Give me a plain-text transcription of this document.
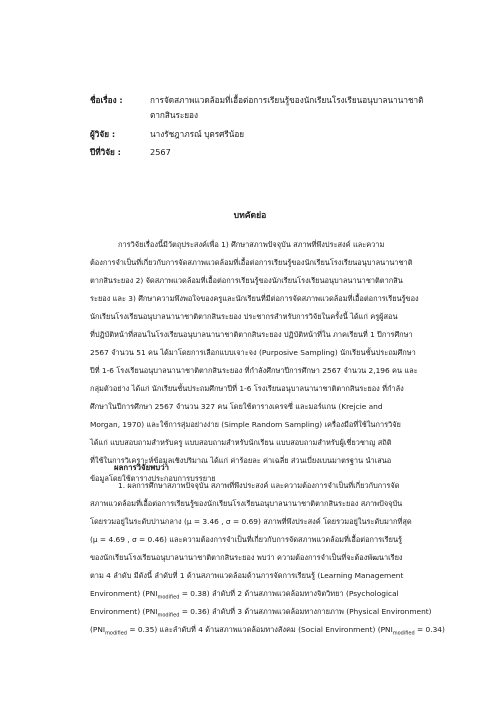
ชื่อเรื่อง :	การจัดสภาพแวดล้อมที่เอื้อต่อการเรียนรู้ของนักเรียนโรงเรียนอนุบาลนานาชาติ
ตากสินระยอง
ผู้วิจัย :	นางรัชฎาภรณ์ บุตรศรีน้อย
ปีที่วิจัย :	2567
บทคัดย่อ
การวิจัยเรื่องนี้มีวัตถุประสงค์เพื่อ 1) ศึกษาสภาพปัจจุบัน สภาพที่พึงประสงค์ และความ
ต้องการจำเป็นที่เกี่ยวกับการจัดสภาพแวดล้อมที่เอื้อต่อการเรียนรู้ของนักเรียนโรงเรียนอนุบาลนานาชาติ
ตากสินระยอง 2) จัดสภาพแวดล้อมที่เอื้อต่อการเรียนรู้ของนักเรียนโรงเรียนอนุบาลนานาชาติตากสิน
ระยอง และ 3) ศึกษาความพึงพอใจของครูและนักเรียนที่มีต่อการจัดสภาพแวดล้อมที่เอื้อต่อการเรียนรู้ของ
นักเรียนโรงเรียนอนุบาลนานาชาติตากสินระยอง ประชากรสำหรับการวิจัยในครั้งนี้ ได้แก่ ครูผู้สอน
ที่ปฏิบัติหน้าที่สอนในโรงเรียนอนุบาลนานาชาติตากสินระยอง ปฏิบัติหน้าที่ใน ภาคเรียนที่ 1 ปีการศึกษา
2567 จำนวน 51 คน ได้มาโดยการเลือกแบบเจาะจง (Purposive Sampling) นักเรียนชั้นประถมศึกษา
ปีที่ 1-6 โรงเรียนอนุบาลนานาชาติตากสินระยอง ที่กำลังศึกษาปีการศึกษา 2567 จำนวน 2,196 คน และ
กลุ่มตัวอย่าง ได้แก่ นักเรียนชั้นประถมศึกษาปีที่ 1-6 โรงเรียนอนุบาลนานาชาติตากสินระยอง ที่กำลัง
ศึกษาในปีการศึกษา 2567 จำนวน 327 คน โดยใช้ตารางเครจซี่ และมอร์แกน (Krejcie and
Morgan, 1970) และใช้การสุ่มอย่างง่าย (Simple Random Sampling) เครื่องมือที่ใช้ในการวิจัย
ได้แก่ แบบสอบถามสำหรับครู แบบสอบถามสำหรับนักเรียน แบบสอบถามสำหรับผู้เชี่ยวชาญ สถิติ
ที่ใช้ในการวิเคราะห์ข้อมูลเชิงปริมาณ ได้แก่ ค่าร้อยละ ค่าเฉลี่ย ส่วนเบี่ยงเบนมาตรฐาน นำเสนอ
ข้อมูลโดยใช้ตารางประกอบการบรรยาย
ผลการวิจัยพบว่า
1. ผลการศึกษาสภาพปัจจุบัน สภาพที่พึงประสงค์ และความต้องการจำเป็นที่เกี่ยวกับการจัด
สภาพแวดล้อมที่เอื้อต่อการเรียนรู้ของนักเรียนโรงเรียนอนุบาลนานาชาติตากสินระยอง สภาพปัจจุบัน
โดยรวมอยู่ในระดับปานกลาง (μ = 3.46 , σ = 0.69) สภาพที่พึงประสงค์ โดยรวมอยู่ในระดับมากที่สุด
(μ = 4.69 , σ = 0.46) และความต้องการจำเป็นที่เกี่ยวกับการจัดสภาพแวดล้อมที่เอื้อต่อการเรียนรู้
ของนักเรียนโรงเรียนอนุบาลนานาชาติตากสินระยอง พบว่า ความต้องการจำเป็นที่จะต้องพัฒนาเรียง
ตาม 4 ลำดับ มีดังนี้ ลำดับที่ 1 ด้านสภาพแวดล้อมด้านการจัดการเรียนรู้ (Learning Management
Environment) $(PNI_{modified} = 0.38)$ ลำดับที่ 2 ด้านสภาพแวดล้อมทางจิตวิทยา (Psychological
Environment) $(PNI_{modified} = 0.36)$ ลำดับที่ 3 ด้านสภาพแวดล้อมทางกายภาพ (Physical Environment)
$(PNI_{modified} = 0.35)$ และลำดับที่ 4 ด้านสภาพแวดล้อมทางสังคม (Social Environment) $(PNI_{modified} = 0.34)$
